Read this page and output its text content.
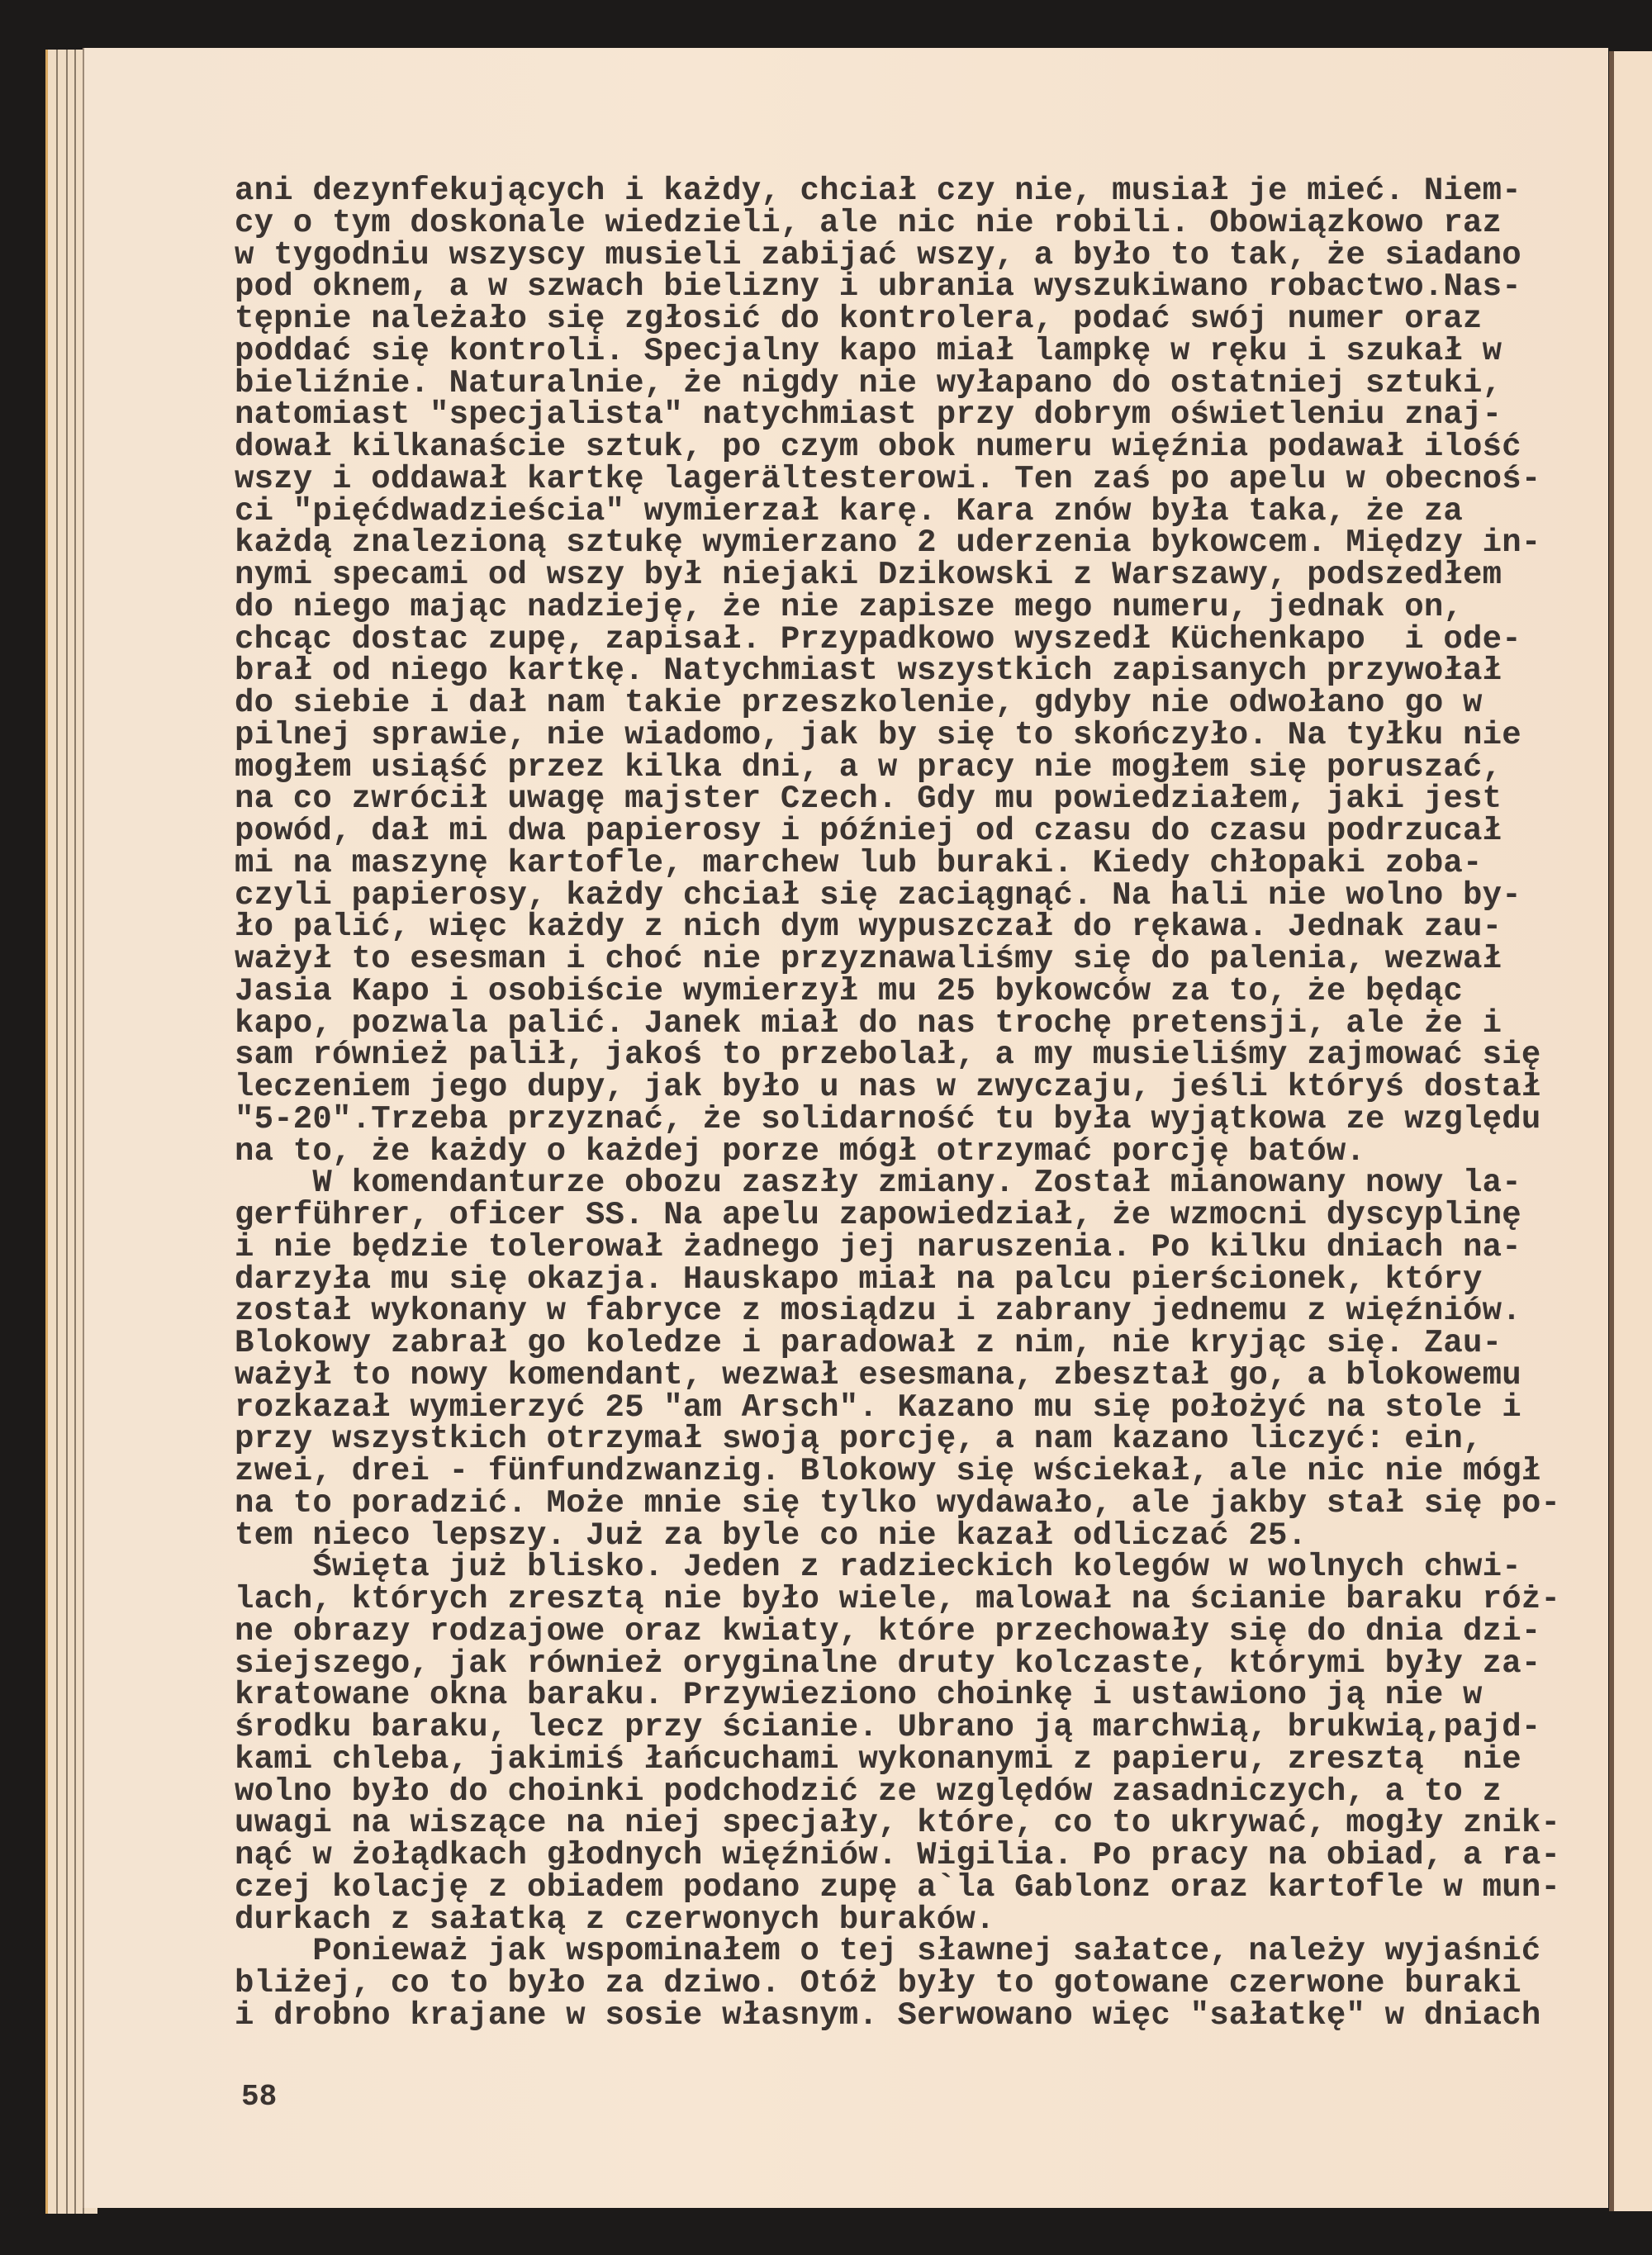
ani dezynfekujących i każdy, chciał czy nie, musiał je mieć. Niem-
cy o tym doskonale wiedzieli, ale nic nie robili. Obowiązkowo raz
w tygodniu wszyscy musieli zabijać wszy, a było to tak, że siadano
pod oknem, a w szwach bielizny i ubrania wyszukiwano robactwo.Nas-
tępnie należało się zgłosić do kontrolera, podać swój numer oraz
poddać się kontroli. Specjalny kapo miał lampkę w ręku i szukał w
bieliźnie. Naturalnie, że nigdy nie wyłapano do ostatniej sztuki,
natomiast "specjalista" natychmiast przy dobrym oświetleniu znaj-
dował kilkanaście sztuk, po czym obok numeru więźnia podawał ilość
wszy i oddawał kartkę lagerältesterowi. Ten zaś po apelu w obecnoś-
ci "pięćdwadzieścia" wymierzał karę. Kara znów była taka, że za
każdą znalezioną sztukę wymierzano 2 uderzenia bykowcem. Między in-
nymi specami od wszy był niejaki Dzikowski z Warszawy, podszedłem
do niego mając nadzieję, że nie zapisze mego numeru, jednak on,
chcąc dostac zupę, zapisał. Przypadkowo wyszedł Küchenkapo  i ode-
brał od niego kartkę. Natychmiast wszystkich zapisanych przywołał
do siebie i dał nam takie przeszkolenie, gdyby nie odwołano go w
pilnej sprawie, nie wiadomo, jak by się to skończyło. Na tyłku nie
mogłem usiąść przez kilka dni, a w pracy nie mogłem się poruszać,
na co zwrócił uwagę majster Czech. Gdy mu powiedziałem, jaki jest
powód, dał mi dwa papierosy i później od czasu do czasu podrzucał
mi na maszynę kartofle, marchew lub buraki. Kiedy chłopaki zoba-
czyli papierosy, każdy chciał się zaciągnąć. Na hali nie wolno by-
ło palić, więc każdy z nich dym wypuszczał do rękawa. Jednak zau-
ważył to esesman i choć nie przyznawaliśmy się do palenia, wezwał
Jasia Kapo i osobiście wymierzył mu 25 bykowców za to, że będąc
kapo, pozwala palić. Janek miał do nas trochę pretensji, ale że i
sam również palił, jakoś to przebolał, a my musieliśmy zajmować się
leczeniem jego dupy, jak było u nas w zwyczaju, jeśli któryś dostał
"5-20".Trzeba przyznać, że solidarność tu była wyjątkowa ze względu
na to, że każdy o każdej porze mógł otrzymać porcję batów.
W komendanturze obozu zaszły zmiany. Został mianowany nowy la-
gerführer, oficer SS. Na apelu zapowiedział, że wzmocni dyscyplinę
i nie będzie tolerował żadnego jej naruszenia. Po kilku dniach na-
darzyła mu się okazja. Hauskapo miał na palcu pierścionek, który
został wykonany w fabryce z mosiądzu i zabrany jednemu z więźniów.
Blokowy zabrał go koledze i paradował z nim, nie kryjąc się. Zau-
ważył to nowy komendant, wezwał esesmana, zbeształ go, a blokowemu
rozkazał wymierzyć 25 "am Arsch". Kazano mu się położyć na stole i
przy wszystkich otrzymał swoją porcję, a nam kazano liczyć: ein,
zwei, drei - fünfundzwanzig. Blokowy się wściekał, ale nic nie mógł
na to poradzić. Może mnie się tylko wydawało, ale jakby stał się po-
tem nieco lepszy. Już za byle co nie kazał odliczać 25.
Święta już blisko. Jeden z radzieckich kolegów w wolnych chwi-
lach, których zresztą nie było wiele, malował na ścianie baraku róż-
ne obrazy rodzajowe oraz kwiaty, które przechowały się do dnia dzi-
siejszego, jak również oryginalne druty kolczaste, którymi były za-
kratowane okna baraku. Przywieziono choinkę i ustawiono ją nie w
środku baraku, lecz przy ścianie. Ubrano ją marchwią, brukwią,pajd-
kami chleba, jakimiś łańcuchami wykonanymi z papieru, zresztą  nie
wolno było do choinki podchodzić ze względów zasadniczych, a to z
uwagi na wiszące na niej specjały, które, co to ukrywać, mogły znik-
nąć w żołądkach głodnych więźniów. Wigilia. Po pracy na obiad, a ra-
czej kolację z obiadem podano zupę a`la Gablonz oraz kartofle w mun-
durkach z sałatką z czerwonych buraków.
Ponieważ jak wspominałem o tej sławnej sałatce, należy wyjaśnić
bliżej, co to było za dziwo. Otóż były to gotowane czerwone buraki
i drobno krajane w sosie własnym. Serwowano więc "sałatkę" w dniach
58
